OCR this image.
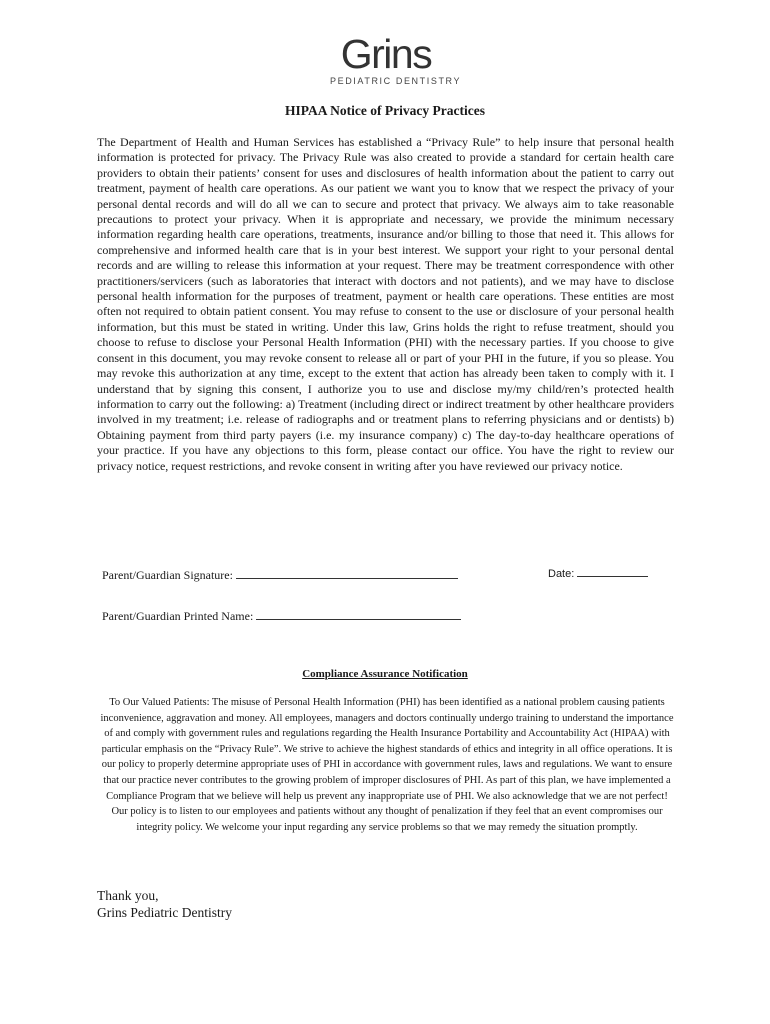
Grins
PEDIATRIC DENTISTRY
HIPAA Notice of Privacy Practices

The Department of Health and Human Services has established a “Privacy Rule” to help insure that personal health information is protected for privacy. The Privacy Rule was also created to provide a standard for certain health care providers to obtain their patients’ consent for uses and disclosures of health information about the patient to carry out treatment, payment of health care operations. As our patient we want you to know that we respect the privacy of your personal dental records and will do all we can to secure and protect that privacy. We always aim to take reasonable precautions to protect your privacy. When it is appropriate and necessary, we provide the minimum necessary information regarding health care operations, treatments, insurance and/or billing to those that need it. This allows for comprehensive and informed health care that is in your best interest. We support your right to your personal dental records and are willing to release this information at your request. There may be treatment correspondence with other practitioners/servicers (such as laboratories that interact with doctors and not patients), and we may have to disclose personal health information for the purposes of treatment, payment or health care operations. These entities are most often not required to obtain patient consent. You may refuse to consent to the use or disclosure of your personal health information, but this must be stated in writing. Under this law, Grins holds the right to refuse treatment, should you choose to refuse to disclose your Personal Health Information (PHI) with the necessary parties. If you choose to give consent in this document, you may revoke consent to release all or part of your PHI in the future, if you so please. You may revoke this authorization at any time, except to the extent that action has already been taken to comply with it. I understand that by signing this consent, I authorize you to use and disclose my/my child/ren’s protected health information to carry out the following: a) Treatment (including direct or indirect treatment by other healthcare providers involved in my treatment; i.e. release of radiographs and or treatment plans to referring physicians and or dentists) b) Obtaining payment from third party payers (i.e. my insurance company) c) The day-to-day healthcare operations of your practice. If you have any objections to this form, please contact our office. You have the right to review our privacy notice, request restrictions, and revoke consent in writing after you have reviewed our privacy notice.

Parent/Guardian Signature:	Date:
Parent/Guardian Printed Name:
Compliance Assurance Notification

To Our Valued Patients: The misuse of Personal Health Information (PHI) has been identified as a national problem causing patients inconvenience, aggravation and money. All employees, managers and doctors continually undergo training to understand the importance of and comply with government rules and regulations regarding the Health Insurance Portability and Accountability Act (HIPAA) with particular emphasis on the “Privacy Rule”. We strive to achieve the highest standards of ethics and integrity in all office operations. It is our policy to properly determine appropriate uses of PHI in accordance with government rules, laws and regulations. We want to ensure that our practice never contributes to the growing problem of improper disclosures of PHI. As part of this plan, we have implemented a Compliance Program that we believe will help us prevent any inappropriate use of PHI. We also acknowledge that we are not perfect! Our policy is to listen to our employees and patients without any thought of penalization if they feel that an event compromises our integrity policy. We welcome your input regarding any service problems so that we may remedy the situation promptly.

Thank you,
Grins Pediatric Dentistry
